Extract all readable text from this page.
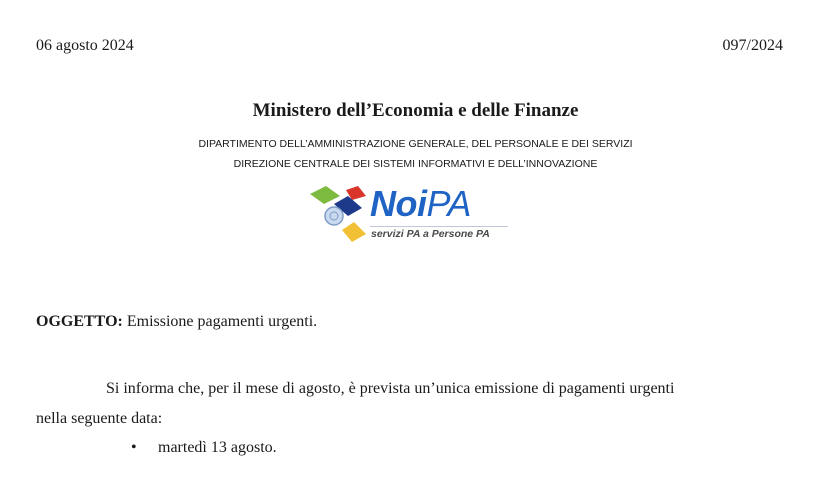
06 agosto 2024	097/2024
Ministero dell’Economia e delle Finanze
DIPARTIMENTO DELL’AMMINISTRAZIONE GENERALE, DEL PERSONALE E DEI SERVIZI
DIREZIONE CENTRALE DEI SISTEMI INFORMATIVI E DELL’INNOVAZIONE
NoiPA
servizi PA a Persone PA
OGGETTO: Emissione pagamenti urgenti.
Si informa che, per il mese di agosto, è prevista un’unica emissione di pagamenti urgenti
nella seguente data:
• martedì 13 agosto.
